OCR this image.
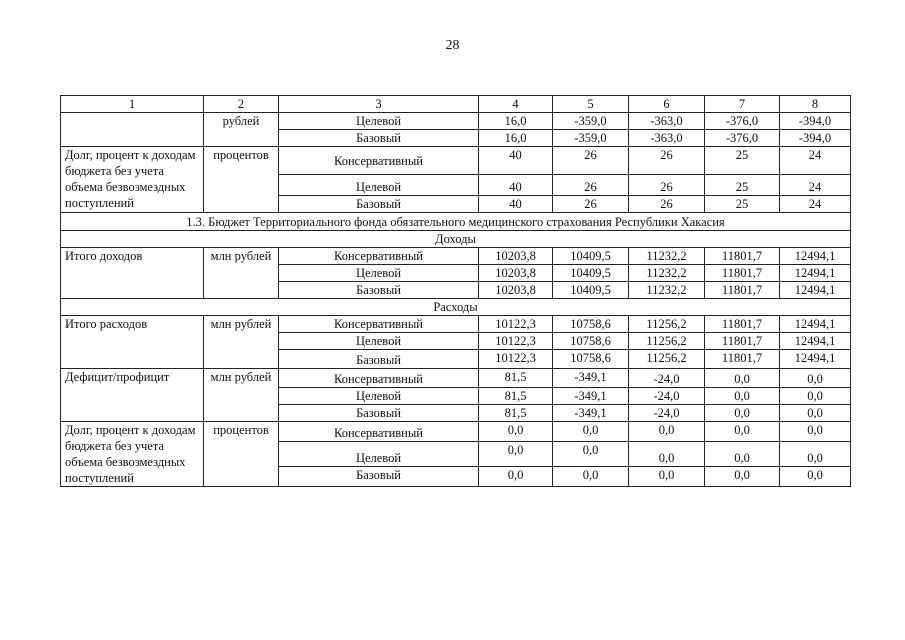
28
1	2	3	4	5	6	7	8
	рублей	Целевой	16,0	-359,0	-363,0	-376,0	-394,0
		Базовый	16,0	-359,0	-363,0	-376,0	-394,0
Долг, процент к доходам бюджета без учета объема безвозмездных поступлений	процентов	Консервативный	40	26	26	25	24
		Целевой	40	26	26	25	24
		Базовый	40	26	26	25	24
1.3. Бюджет Территориального фонда обязательного медицинского страхования Республики Хакасия							
Доходы							
Итого доходов	млн рублей	Консервативный	10203,8	10409,5	11232,2	11801,7	12494,1
		Целевой	10203,8	10409,5	11232,2	11801,7	12494,1
		Базовый	10203,8	10409,5	11232,2	11801,7	12494,1
Расходы							
Итого расходов	млн рублей	Консервативный	10122,3	10758,6	11256,2	11801,7	12494,1
		Целевой	10122,3	10758,6	11256,2	11801,7	12494,1
		Базовый	10122,3	10758,6	11256,2	11801,7	12494,1
Дефицит/профицит	млн рублей	Консервативный	81,5	-349,1	-24,0	0,0	0,0
		Целевой	81,5	-349,1	-24,0	0,0	0,0
		Базовый	81,5	-349,1	-24,0	0,0	0,0
Долг, процент к доходам бюджета без учета объема безвозмездных поступлений	процентов	Консервативный	0,0	0,0	0,0	0,0	0,0
		Целевой	0,0	0,0	0,0	0,0	0,0
		Базовый	0,0	0,0	0,0	0,0	0,0
